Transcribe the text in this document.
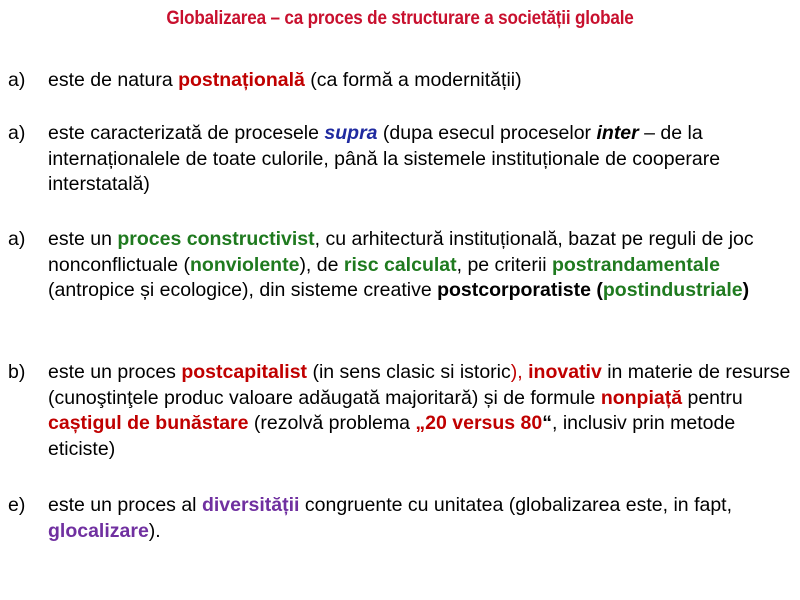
Globalizarea – ca proces de structurare a societății globale
a) este de natura postnațională (ca formă a modernității)
a) este caracterizată de procesele supra (dupa esecul proceselor inter – de la internaționalele de toate culorile, până la sistemele instituționale de cooperare interstatală)
a) este un proces constructivist, cu arhitectură instituțională, bazat pe reguli de joc nonconflictuale (nonviolente), de risc calculat, pe criterii postrandamentale (antropice și ecologice), din sisteme creative postcorporatiste (postindustriale)
b) este un proces postcapitalist (in sens clasic si istoric), inovativ in materie de resurse (cunoştinţele produc valoare adăugată majoritară) și de formule nonpiață pentru caștigul de bunăstare (rezolvă problema „20 versus 80“, inclusiv prin metode eticiste)
e) este un proces al diversității congruente cu unitatea (globalizarea este, in fapt, glocalizare).
